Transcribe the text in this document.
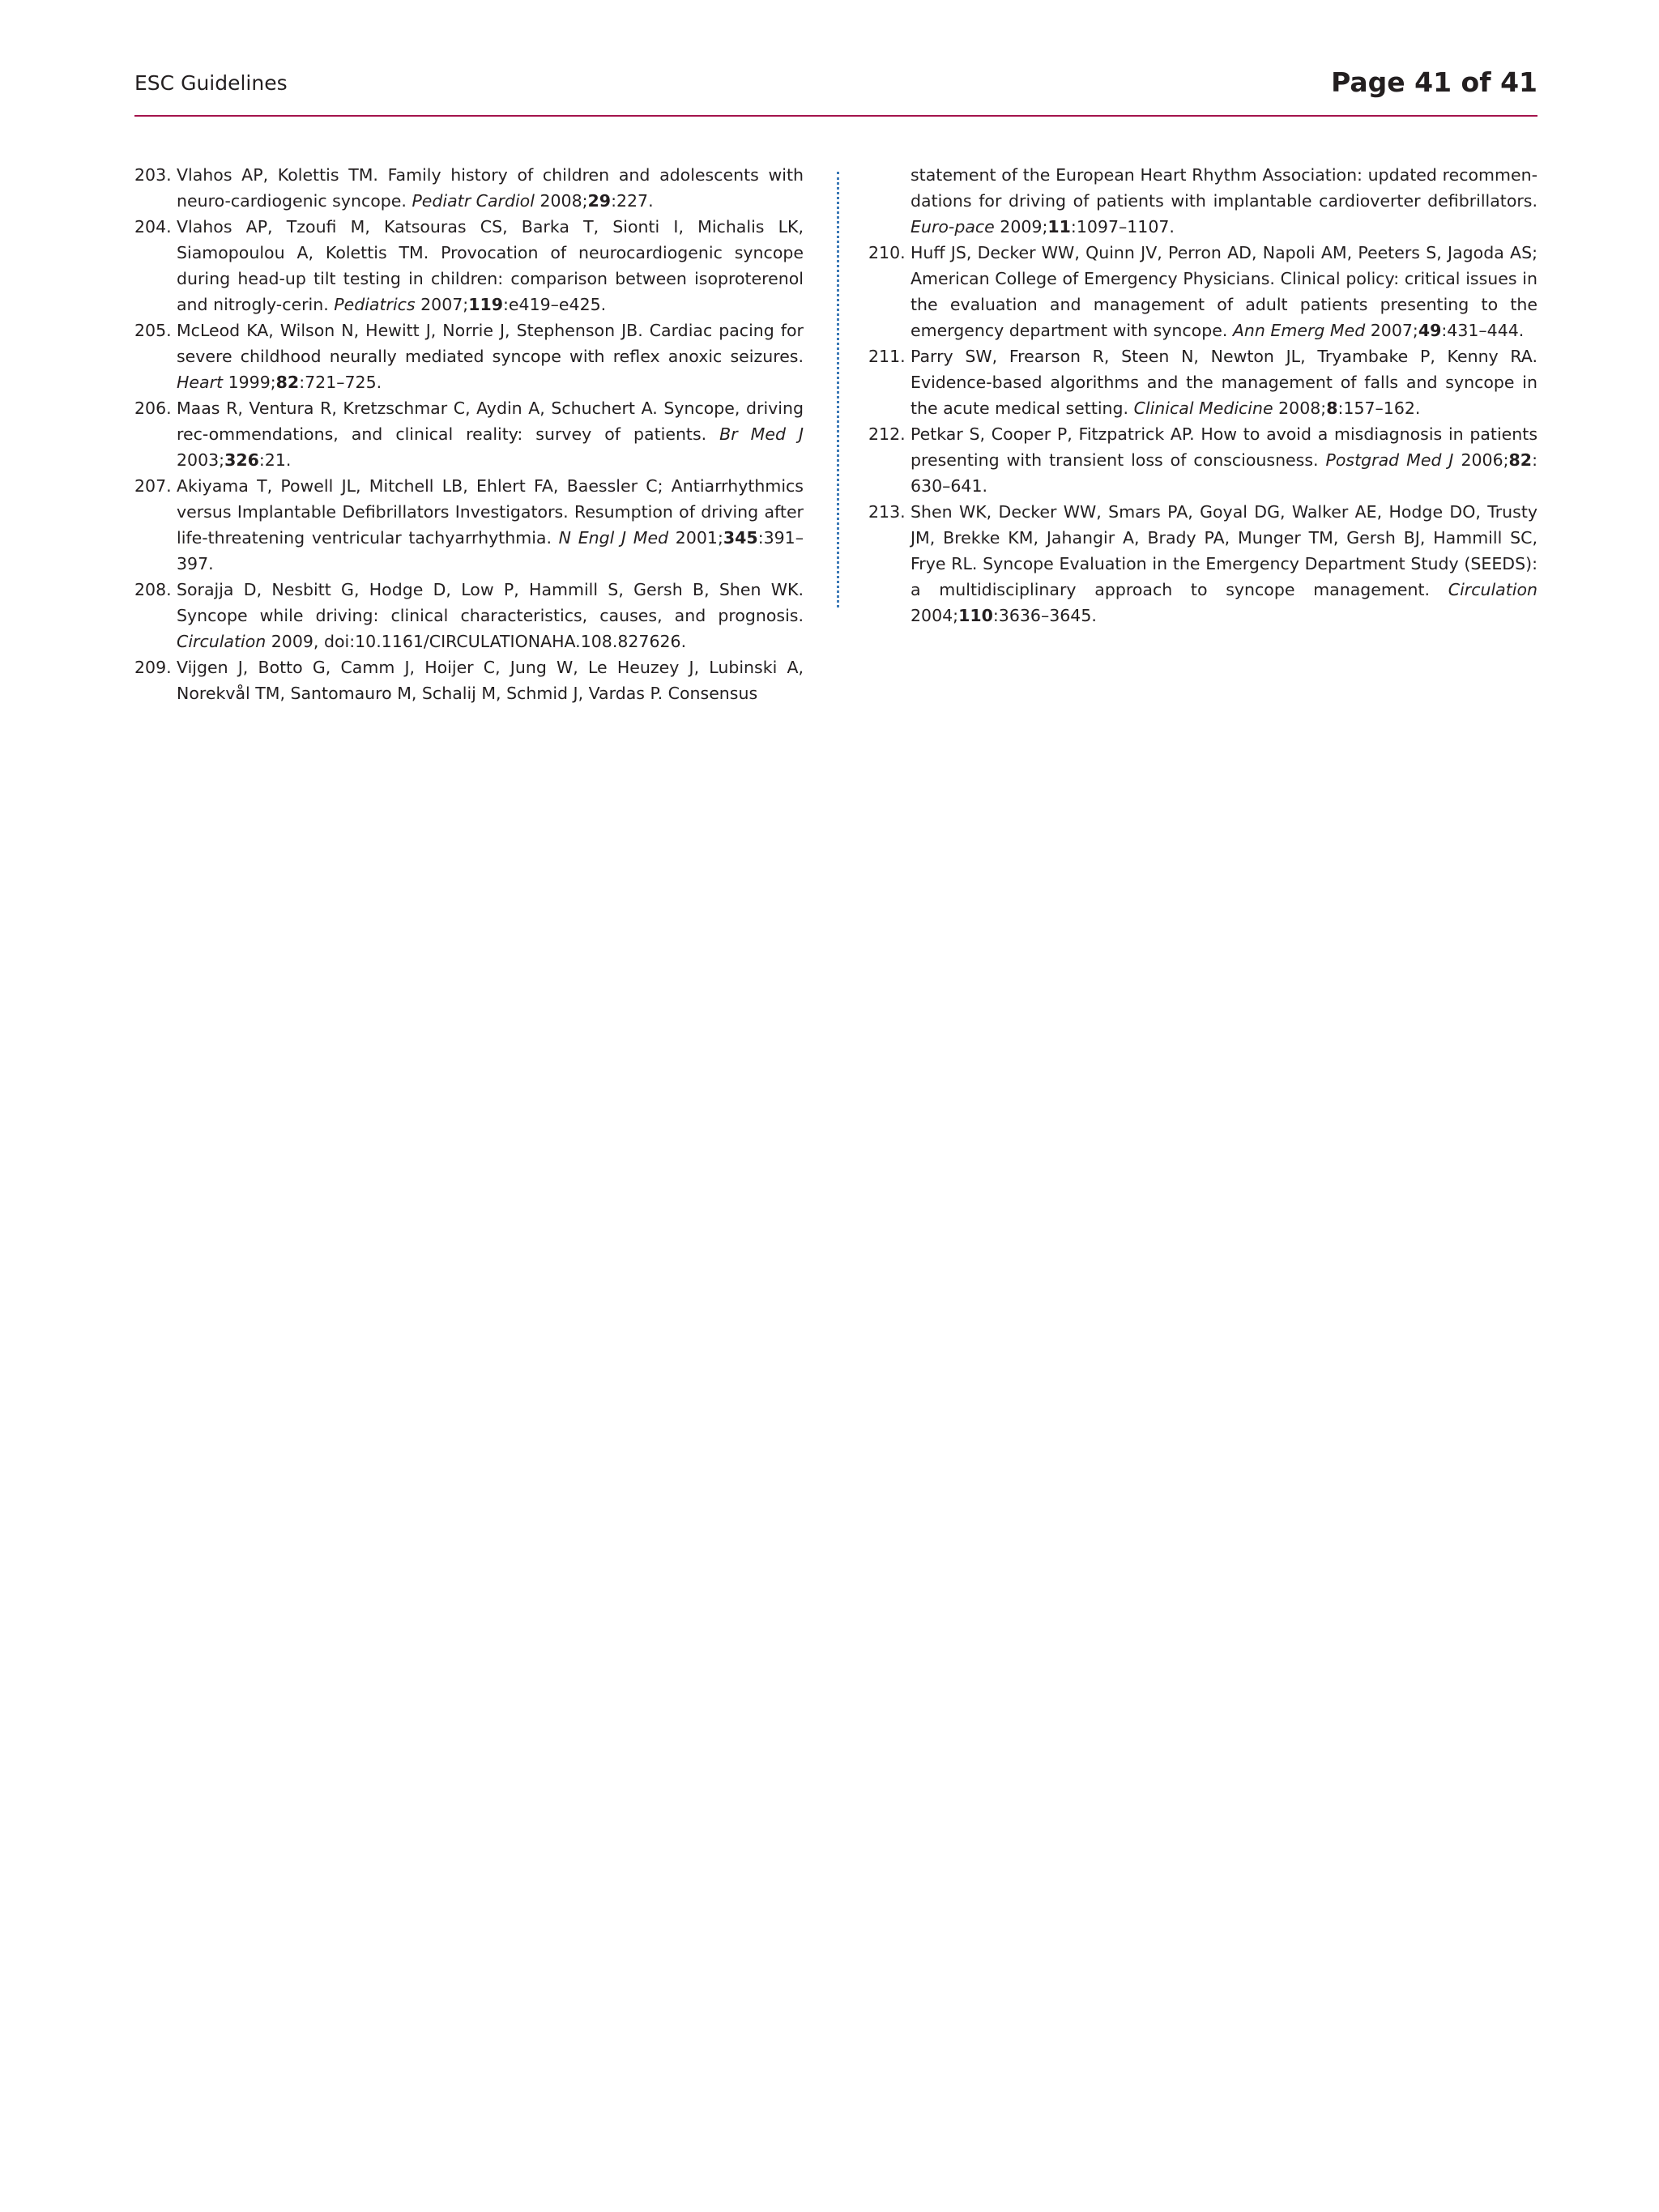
ESC Guidelines	Page 41 of 41

203. Vlahos AP, Kolettis TM. Family history of children and adolescents with neuro-cardiogenic syncope. Pediatr Cardiol 2008;29:227.

204. Vlahos AP, Tzoufi M, Katsouras CS, Barka T, Sionti I, Michalis LK, Siamopoulou A, Kolettis TM. Provocation of neurocardiogenic syncope during head-up tilt testing in children: comparison between isoproterenol and nitrogly-cerin. Pediatrics 2007;119:e419–e425.

205. McLeod KA, Wilson N, Hewitt J, Norrie J, Stephenson JB. Cardiac pacing for severe childhood neurally mediated syncope with reflex anoxic seizures. Heart 1999;82:721–725.

206. Maas R, Ventura R, Kretzschmar C, Aydin A, Schuchert A. Syncope, driving rec-ommendations, and clinical reality: survey of patients. Br Med J 2003;326:21.

207. Akiyama T, Powell JL, Mitchell LB, Ehlert FA, Baessler C; Antiarrhythmics versus Implantable Defibrillators Investigators. Resumption of driving after life-threatening ventricular tachyarrhythmia. N Engl J Med 2001;345:391–397.

208. Sorajja D, Nesbitt G, Hodge D, Low P, Hammill S, Gersh B, Shen WK. Syncope while driving: clinical characteristics, causes, and prognosis. Circulation 2009, doi:10.1161/CIRCULATIONAHA.108.827626.

209. Vijgen J, Botto G, Camm J, Hoijer C, Jung W, Le Heuzey J, Lubinski A, Norekvål TM, Santomauro M, Schalij M, Schmid J, Vardas P. Consensus

statement of the European Heart Rhythm Association: updated recommen-dations for driving of patients with implantable cardioverter defibrillators. Euro-pace 2009;11:1097–1107.

210. Huff JS, Decker WW, Quinn JV, Perron AD, Napoli AM, Peeters S, Jagoda AS; American College of Emergency Physicians. Clinical policy: critical issues in the evaluation and management of adult patients presenting to the emergency department with syncope. Ann Emerg Med 2007;49:431–444.

211. Parry SW, Frearson R, Steen N, Newton JL, Tryambake P, Kenny RA. Evidence-based algorithms and the management of falls and syncope in the acute medical setting. Clinical Medicine 2008;8:157–162.

212. Petkar S, Cooper P, Fitzpatrick AP. How to avoid a misdiagnosis in patients presenting with transient loss of consciousness. Postgrad Med J 2006;82: 630–641.

213. Shen WK, Decker WW, Smars PA, Goyal DG, Walker AE, Hodge DO, Trusty JM, Brekke KM, Jahangir A, Brady PA, Munger TM, Gersh BJ, Hammill SC, Frye RL. Syncope Evaluation in the Emergency Department Study (SEEDS): a multidisciplinary approach to syncope management. Circulation 2004;110:3636–3645.
